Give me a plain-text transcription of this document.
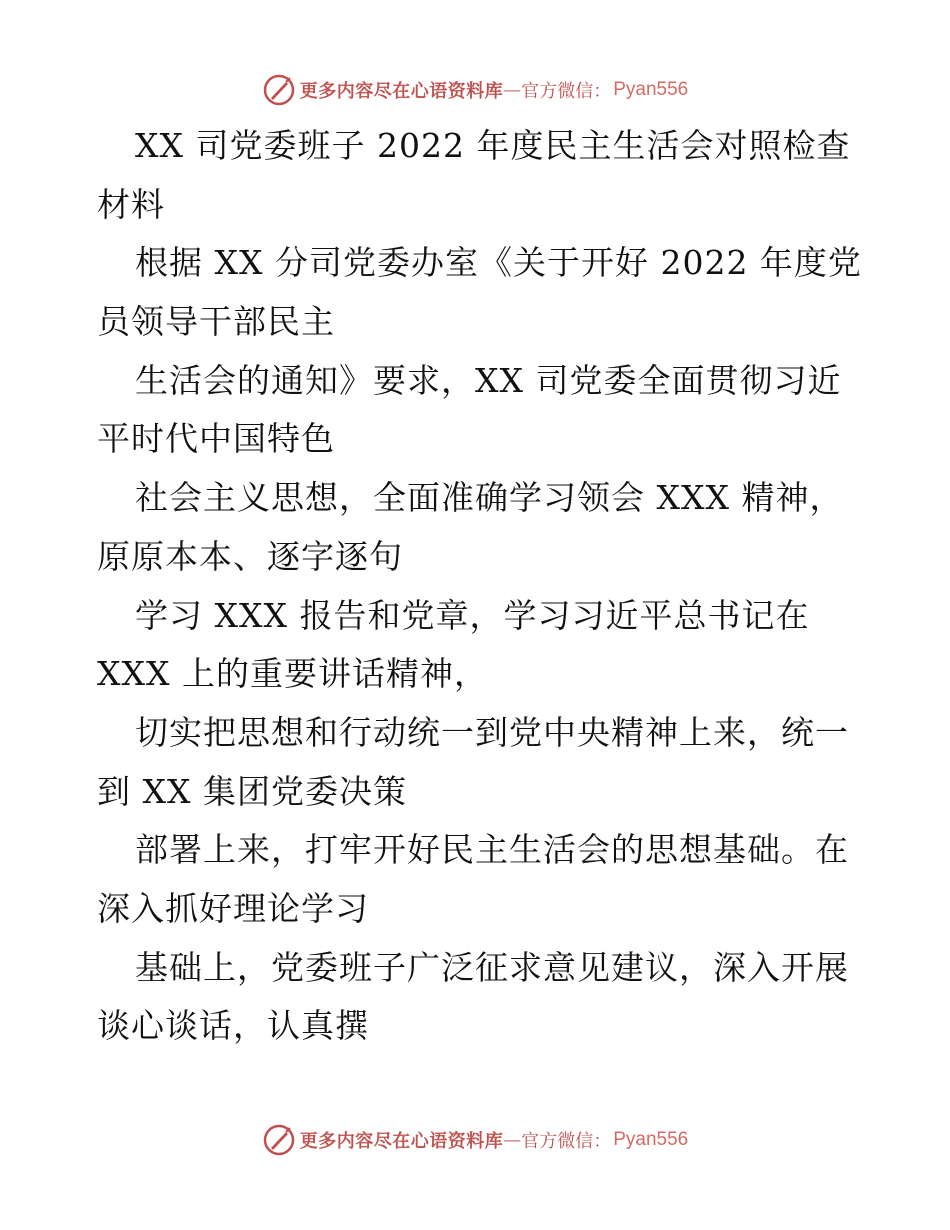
更多内容尽在心语资料库 — 官方微信： Pyan556
XX 司党委班子 2022 年度民主生活会对照检查
材料
根据 XX 分司党委办室《关于开好 2022 年度党
员领导干部民主
生活会的通知》要求，XX 司党委全面贯彻习近
平时代中国特色
社会主义思想，全面准确学习领会 XXX 精神，
原原本本、逐字逐句
学习 XXX 报告和党章，学习习近平总书记在
XXX 上的重要讲话精神，
切实把思想和行动统一到党中央精神上来，统一
到 XX 集团党委决策
部署上来，打牢开好民主生活会的思想基础。在
深入抓好理论学习
基础上，党委班子广泛征求意见建议，深入开展
谈心谈话，认真撰
更多内容尽在心语资料库 — 官方微信： Pyan556
